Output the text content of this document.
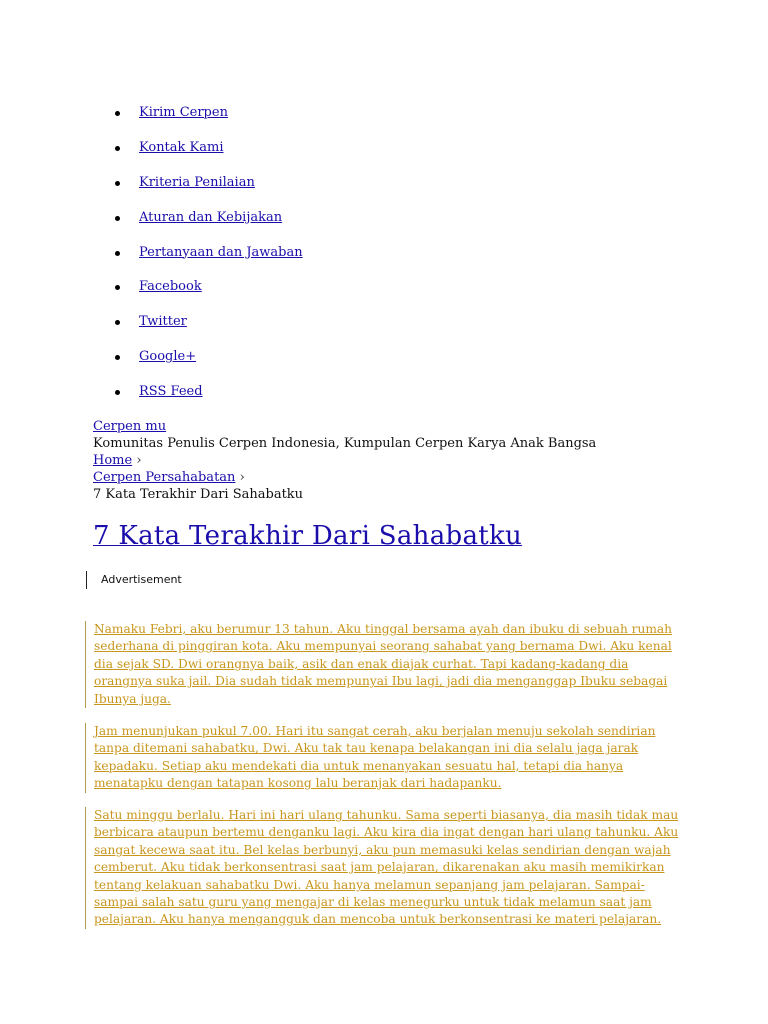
Kirim Cerpen
Kontak Kami
Kriteria Penilaian
Aturan dan Kebijakan
Pertanyaan dan Jawaban
Facebook
Twitter
Google+
RSS Feed
Cerpen mu
Komunitas Penulis Cerpen Indonesia, Kumpulan Cerpen Karya Anak Bangsa
Home ›
Cerpen Persahabatan ›
7 Kata Terakhir Dari Sahabatku
7 Kata Terakhir Dari Sahabatku
Advertisement

Namaku Febri, aku berumur 13 tahun. Aku tinggal bersama ayah dan ibuku di sebuah rumah
sederhana di pinggiran kota. Aku mempunyai seorang sahabat yang bernama Dwi. Aku kenal
dia sejak SD. Dwi orangnya baik, asik dan enak diajak curhat. Tapi kadang-kadang dia
orangnya suka jail. Dia sudah tidak mempunyai Ibu lagi, jadi dia menganggap Ibuku sebagai
Ibunya juga.

Jam menunjukan pukul 7.00. Hari itu sangat cerah, aku berjalan menuju sekolah sendirian
tanpa ditemani sahabatku, Dwi. Aku tak tau kenapa belakangan ini dia selalu jaga jarak
kepadaku. Setiap aku mendekati dia untuk menanyakan sesuatu hal, tetapi dia hanya
menatapku dengan tatapan kosong lalu beranjak dari hadapanku.

Satu minggu berlalu. Hari ini hari ulang tahunku. Sama seperti biasanya, dia masih tidak mau
berbicara ataupun bertemu denganku lagi. Aku kira dia ingat dengan hari ulang tahunku. Aku
sangat kecewa saat itu. Bel kelas berbunyi, aku pun memasuki kelas sendirian dengan wajah
cemberut. Aku tidak berkonsentrasi saat jam pelajaran, dikarenakan aku masih memikirkan
tentang kelakuan sahabatku Dwi. Aku hanya melamun sepanjang jam pelajaran. Sampai-
sampai salah satu guru yang mengajar di kelas menegurku untuk tidak melamun saat jam
pelajaran. Aku hanya mengangguk dan mencoba untuk berkonsentrasi ke materi pelajaran.
